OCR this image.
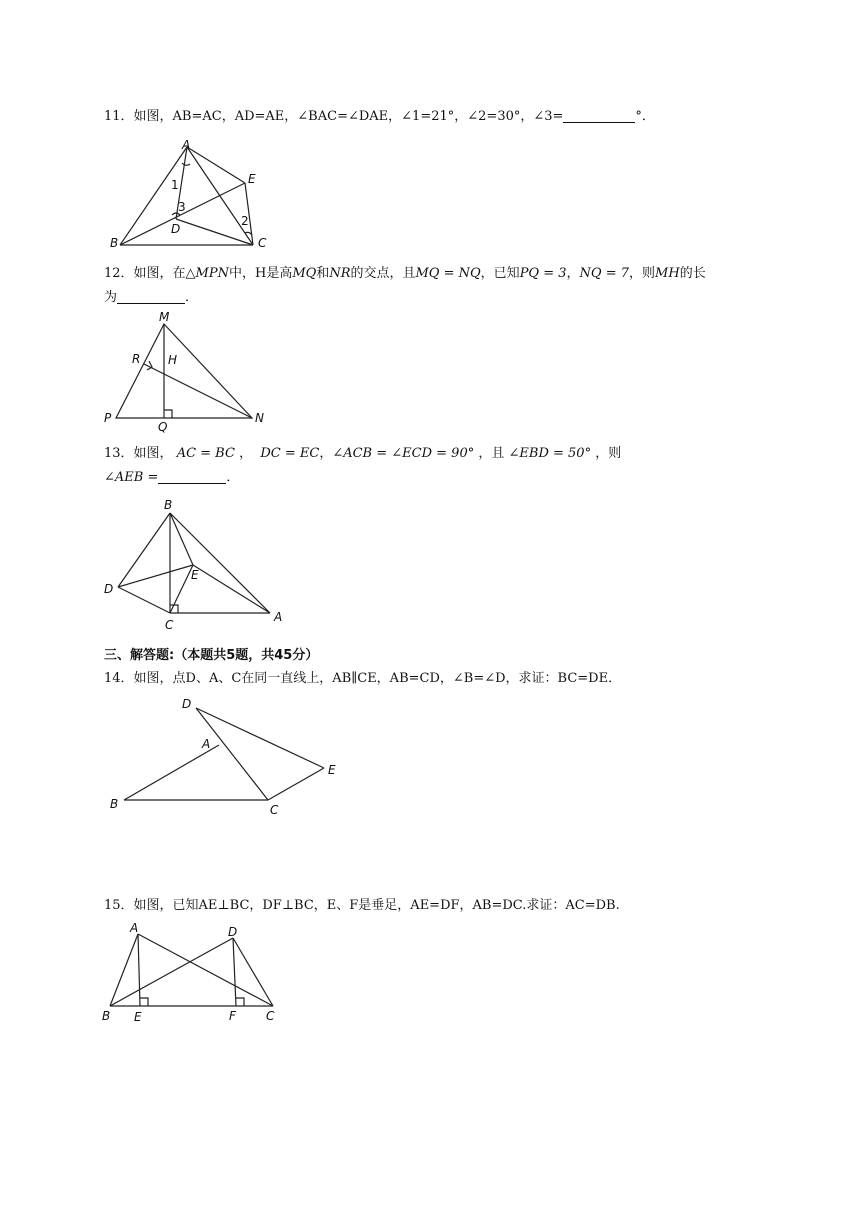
11．如图，AB=AC，AD=AE，∠BAC=∠DAE，∠1=21°，∠2=30°，∠3=	°．
A
B	C
D
E
1
2
3
12．如图，在△MPN中，H是高MQ和NR的交点，且MQ = NQ，已知PQ = 3，NQ = 7，则MH的长
为	．
M
R H
P
Q
N
13．如图， AC = BC ， DC = EC，∠ACB = ∠ECD = 90° ，且 ∠EBD = 50° ，则
∠AEB =	．
B
D
E
C
A
三、解答题:（本题共5题，共45分）
14．如图，点D、A、C在同一直线上，AB∥CE，AB=CD，∠B=∠D，求证：BC=DE．
D
A
E
B	C
15．如图，已知AE⊥BC，DF⊥BC，E、F是垂足，AE=DF，AB=DC.求证：AC=DB.
A	D
B E	F	C
